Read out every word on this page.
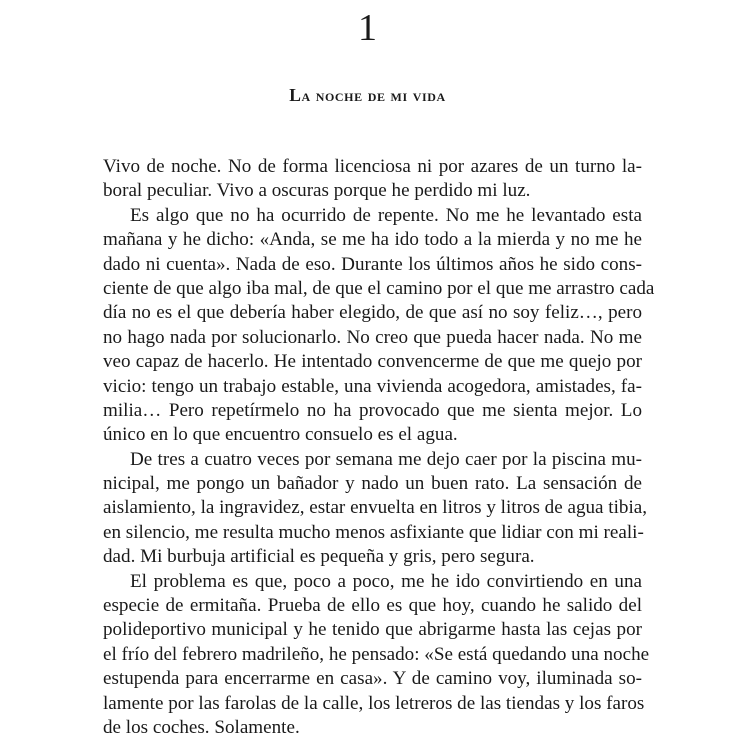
1
La noche de mi vida

Vivo de noche. No de forma licenciosa ni por azares de un turno la-
boral peculiar. Vivo a oscuras porque he perdido mi luz.

Es algo que no ha ocurrido de repente. No me he levantado esta
mañana y he dicho: «Anda, se me ha ido todo a la mierda y no me he
dado ni cuenta». Nada de eso. Durante los últimos años he sido cons-
ciente de que algo iba mal, de que el camino por el que me arrastro cada
día no es el que debería haber elegido, de que así no soy feliz…, pero
no hago nada por solucionarlo. No creo que pueda hacer nada. No me
veo capaz de hacerlo. He intentado convencerme de que me quejo por
vicio: tengo un trabajo estable, una vivienda acogedora, amistades, fa-
milia… Pero repetírmelo no ha provocado que me sienta mejor. Lo
único en lo que encuentro consuelo es el agua.

De tres a cuatro veces por semana me dejo caer por la piscina mu-
nicipal, me pongo un bañador y nado un buen rato. La sensación de
aislamiento, la ingravidez, estar envuelta en litros y litros de agua tibia,
en silencio, me resulta mucho menos asfixiante que lidiar con mi reali-
dad. Mi burbuja artificial es pequeña y gris, pero segura.

El problema es que, poco a poco, me he ido convirtiendo en una
especie de ermitaña. Prueba de ello es que hoy, cuando he salido del
polideportivo municipal y he tenido que abrigarme hasta las cejas por
el frío del febrero madrileño, he pensado: «Se está quedando una noche
estupenda para encerrarme en casa». Y de camino voy, iluminada so-
lamente por las farolas de la calle, los letreros de las tiendas y los faros
de los coches. Solamente.
